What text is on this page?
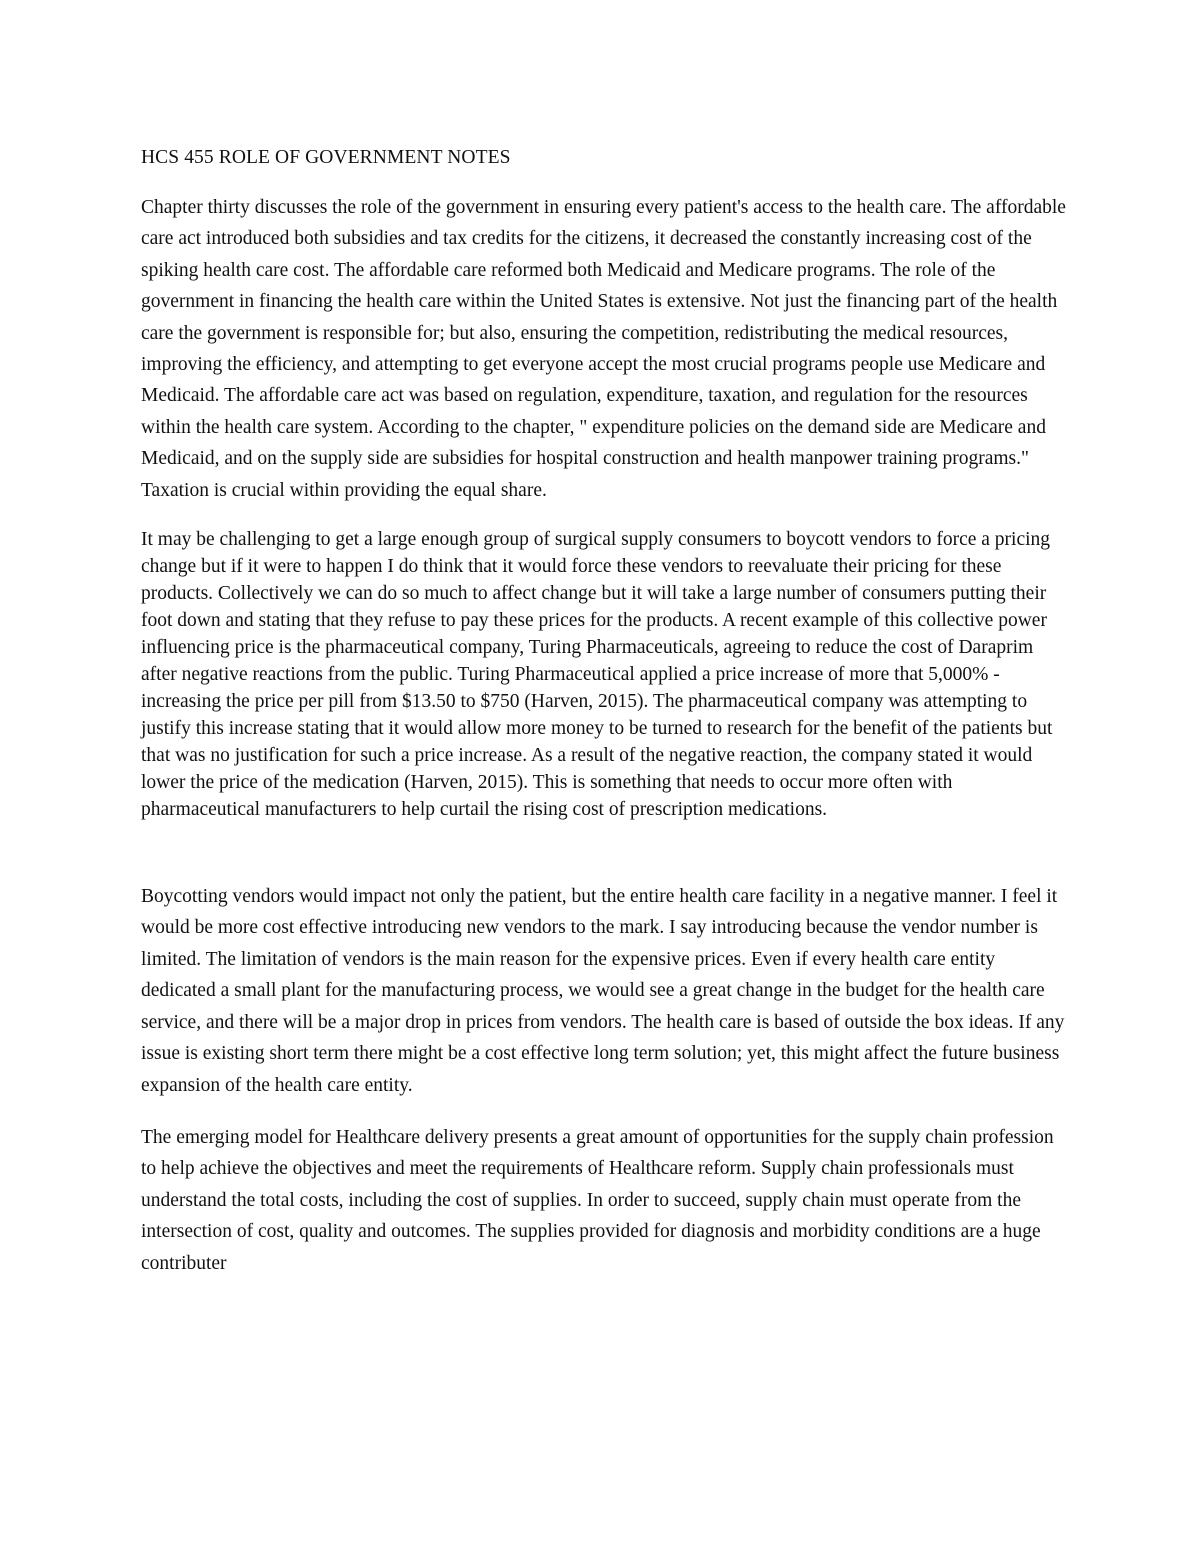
HCS 455 ROLE OF GOVERNMENT NOTES

Chapter thirty discusses the role of the government in ensuring every patient's access to the health care. The affordable care act introduced both subsidies and tax credits for the citizens, it decreased the constantly increasing cost of the spiking health care cost. The affordable care reformed both Medicaid and Medicare programs. The role of the government in financing the health care within the United States is extensive. Not just the financing part of the health care the government is responsible for; but also, ensuring the competition, redistributing the medical resources, improving the efficiency, and attempting to get everyone accept the most crucial programs people use Medicare and Medicaid. The affordable care act was based on regulation, expenditure, taxation, and regulation for the resources within the health care system. According to the chapter, " expenditure policies on the demand side are Medicare and Medicaid, and on the supply side are subsidies for hospital construction and health manpower training programs." Taxation is crucial within providing the equal share.

It may be challenging to get a large enough group of surgical supply consumers to boycott vendors to force a pricing change but if it were to happen I do think that it would force these vendors to reevaluate their pricing for these products. Collectively we can do so much to affect change but it will take a large number of consumers putting their foot down and stating that they refuse to pay these prices for the products. A recent example of this collective power influencing price is the pharmaceutical company, Turing Pharmaceuticals, agreeing to reduce the cost of Daraprim after negative reactions from the public. Turing Pharmaceutical applied a price increase of more that 5,000% - increasing the price per pill from $13.50 to $750 (Harven, 2015). The pharmaceutical company was attempting to justify this increase stating that it would allow more money to be turned to research for the benefit of the patients but that was no justification for such a price increase. As a result of the negative reaction, the company stated it would lower the price of the medication (Harven, 2015). This is something that needs to occur more often with pharmaceutical manufacturers to help curtail the rising cost of prescription medications.

Boycotting vendors would impact not only the patient, but the entire health care facility in a negative manner. I feel it would be more cost effective introducing new vendors to the mark. I say introducing because the vendor number is limited. The limitation of vendors is the main reason for the expensive prices. Even if every health care entity dedicated a small plant for the manufacturing process, we would see a great change in the budget for the health care service, and there will be a major drop in prices from vendors. The health care is based of outside the box ideas. If any issue is existing short term there might be a cost effective long term solution; yet, this might affect the future business expansion of the health care entity.

The emerging model for Healthcare delivery presents a great amount of opportunities for the supply chain profession to help achieve the objectives and meet the requirements of Healthcare reform. Supply chain professionals must understand the total costs, including the cost of supplies. In order to succeed, supply chain must operate from the intersection of cost, quality and outcomes. The supplies provided for diagnosis and morbidity conditions are a huge contributer
